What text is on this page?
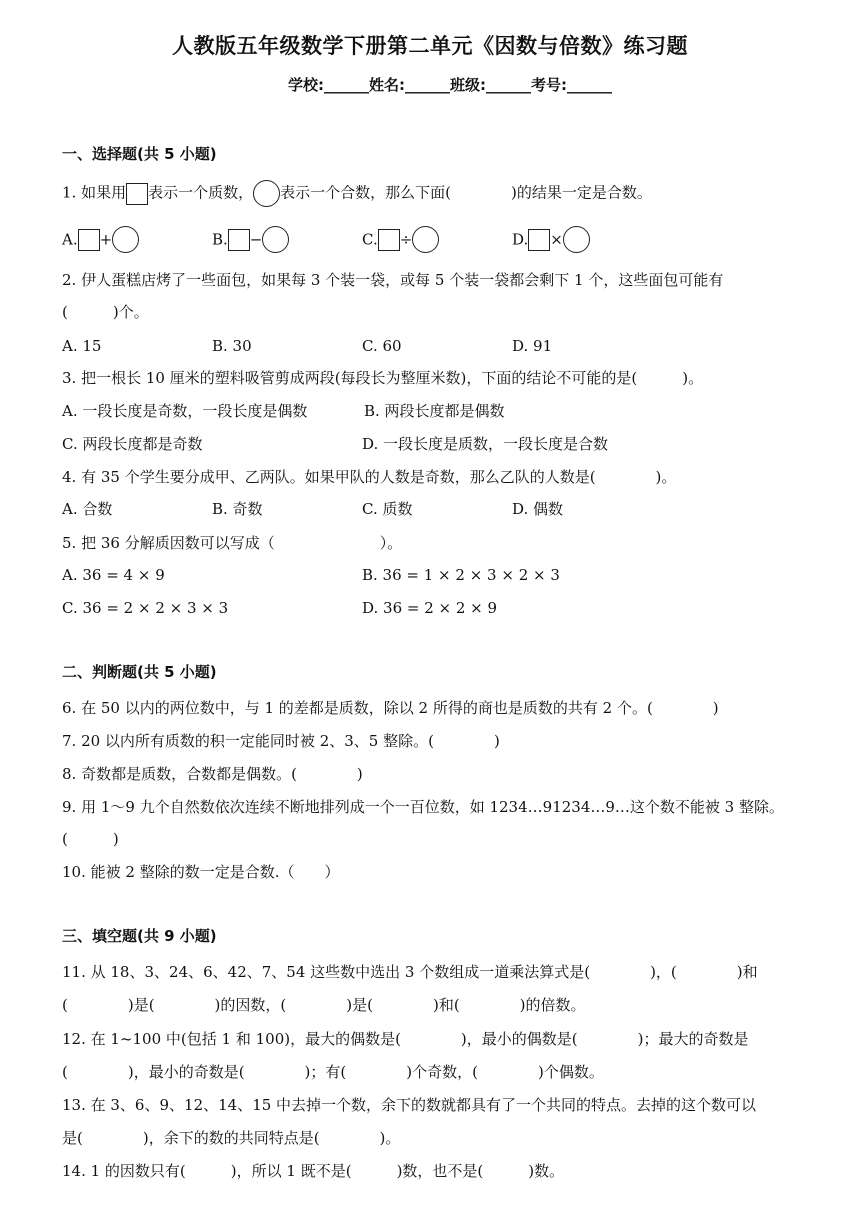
人教版五年级数学下册第二单元《因数与倍数》练习题
学校:______姓名:______班级:______考号:______
一、选择题(共 5 小题)
1. 如果用 表示一个质数， 表示一个合数，那么下面(　　　　)的结果一定是合数。
A. +	B. −	C. ÷	D. ×
2. 伊人蛋糕店烤了一些面包，如果每 3 个装一袋，或每 5 个装一袋都会剩下 1 个，这些面包可能有
(　　　)个。
A. 15	B. 30	C. 60	D. 91
3. 把一根长 10 厘米的塑料吸管剪成两段(每段长为整厘米数)，下面的结论不可能的是(　　　)。
A. 一段长度是奇数，一段长度是偶数	B. 两段长度都是偶数
C. 两段长度都是奇数	D. 一段长度是质数，一段长度是合数
4. 有 35 个学生要分成甲、乙两队。如果甲队的人数是奇数，那么乙队的人数是(　　　　)。
A. 合数	B. 奇数	C. 质数	D. 偶数
5. 把 36 分解质因数可以写成（　　　　　　　）。
A. 36 = 4 × 9	B. 36 = 1 × 2 × 3 × 2 × 3
C. 36 = 2 × 2 × 3 × 3	D. 36 = 2 × 2 × 9
二、判断题(共 5 小题)
6. 在 50 以内的两位数中，与 1 的差都是质数，除以 2 所得的商也是质数的共有 2 个。(　　　　)
7. 20 以内所有质数的积一定能同时被 2、3、5 整除。(　　　　)
8. 奇数都是质数，合数都是偶数。(　　　　)
9. 用 1～9 九个自然数依次连续不断地排列成一个一百位数，如 1234…91234…9…这个数不能被 3 整除。
(　　　)
10. 能被 2 整除的数一定是合数.（　　）
三、填空题(共 9 小题)
11. 从 18、3、24、6、42、7、54 这些数中选出 3 个数组成一道乘法算式是(　　　　)，(　　　　)和
(　　　　)是(　　　　)的因数，(　　　　)是(　　　　)和(　　　　)的倍数。
12. 在 1~100 中(包括 1 和 100)，最大的偶数是(　　　　)，最小的偶数是(　　　　)；最大的奇数是
(　　　　)，最小的奇数是(　　　　)；有(　　　　)个奇数，(　　　　)个偶数。
13. 在 3、6、9、12、14、15 中去掉一个数，余下的数就都具有了一个共同的特点。去掉的这个数可以
是(　　　　)，余下的数的共同特点是(　　　　)。
14. 1 的因数只有(　　　)，所以 1 既不是(　　　)数，也不是(　　　)数。
